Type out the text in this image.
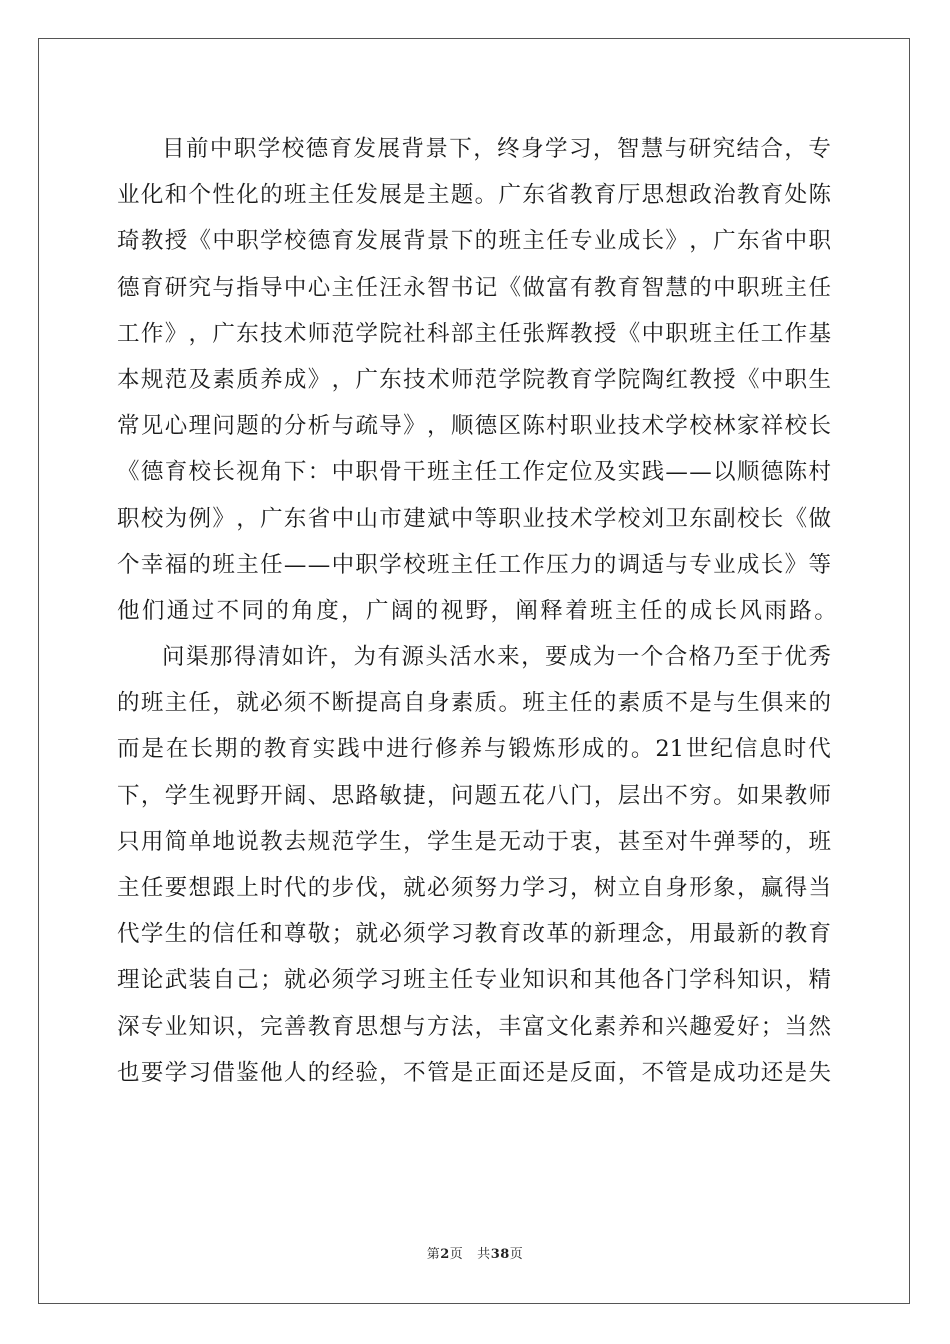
目 前 中 职 学 校 德 育 发 展 背 景 下 ， 终 身 学 习 ， 智 慧 与 研 究 结 合 ， 专
业 化 和 个 性 化 的 班 主 任 发 展 是 主 题 。 广 东 省 教 育 厅 思 想 政 治 教 育 处 陈
琦 教 授 《 中 职 学 校 德 育 发 展 背 景 下 的 班 主 任 专 业 成 长 》 ， 广 东 省 中 职
德 育 研 究 与 指 导 中 心 主 任 汪 永 智 书 记 《 做 富 有 教 育 智 慧 的 中 职 班 主 任
工 作 》 ， 广 东 技 术 师 范 学 院 社 科 部 主 任 张 辉 教 授 《 中 职 班 主 任 工 作 基
本 规 范 及 素 质 养 成 》 ， 广 东 技 术 师 范 学 院 教 育 学 院 陶 红 教 授 《 中 职 生
常 见 心 理 问 题 的 分 析 与 疏 导 》 ， 顺 德 区 陈 村 职 业 技 术 学 校 林 家 祥 校 长
《 德 育 校 长 视 角 下 ： 中 职 骨 干 班 主 任 工 作 定 位 及 实 践 — — 以 顺 德 陈 村
职 校 为 例 》 ， 广 东 省 中 山 市 建 斌 中 等 职 业 技 术 学 校 刘 卫 东 副 校 长 《 做
个 幸 福 的 班 主 任 — — 中 职 学 校 班 主 任 工 作 压 力 的 调 适 与 专 业 成 长 》 等
他们通过不同的角度，广阔的视野，阐释着班主任的成长风雨路。
问 渠 那 得 清 如 许 ， 为 有 源 头 活 水 来 ， 要 成 为 一 个 合 格 乃 至 于 优 秀
的 班 主 任 ， 就 必 须 不 断 提 高 自 身 素 质 。 班 主 任 的 素 质 不 是 与 生 俱 来 的
而 是 在 长 期 的 教 育 实 践 中 进 行 修 养 与 锻 炼 形 成 的 。 21 世 纪 信 息 时 代
下 ， 学 生 视 野 开 阔 、 思 路 敏 捷 ， 问 题 五 花 八 门 ， 层 出 不 穷 。 如 果 教 师
只 用 简 单 地 说 教 去 规 范 学 生 ， 学 生 是 无 动 于 衷 ， 甚 至 对 牛 弹 琴 的 ， 班
主 任 要 想 跟 上 时 代 的 步 伐 ， 就 必 须 努 力 学 习 ， 树 立 自 身 形 象 ， 赢 得 当
代 学 生 的 信 任 和 尊 敬 ； 就 必 须 学 习 教 育 改 革 的 新 理 念 ， 用 最 新 的 教 育
理 论 武 装 自 己 ； 就 必 须 学 习 班 主 任 专 业 知 识 和 其 他 各 门 学 科 知 识 ， 精
深 专 业 知 识 ， 完 善 教 育 思 想 与 方 法 ， 丰 富 文 化 素 养 和 兴 趣 爱 好 ； 当 然
也 要 学 习 借 鉴 他 人 的 经 验 ， 不 管 是 正 面 还 是 反 面 ， 不 管 是 成 功 还 是 失
第2页 共38页
